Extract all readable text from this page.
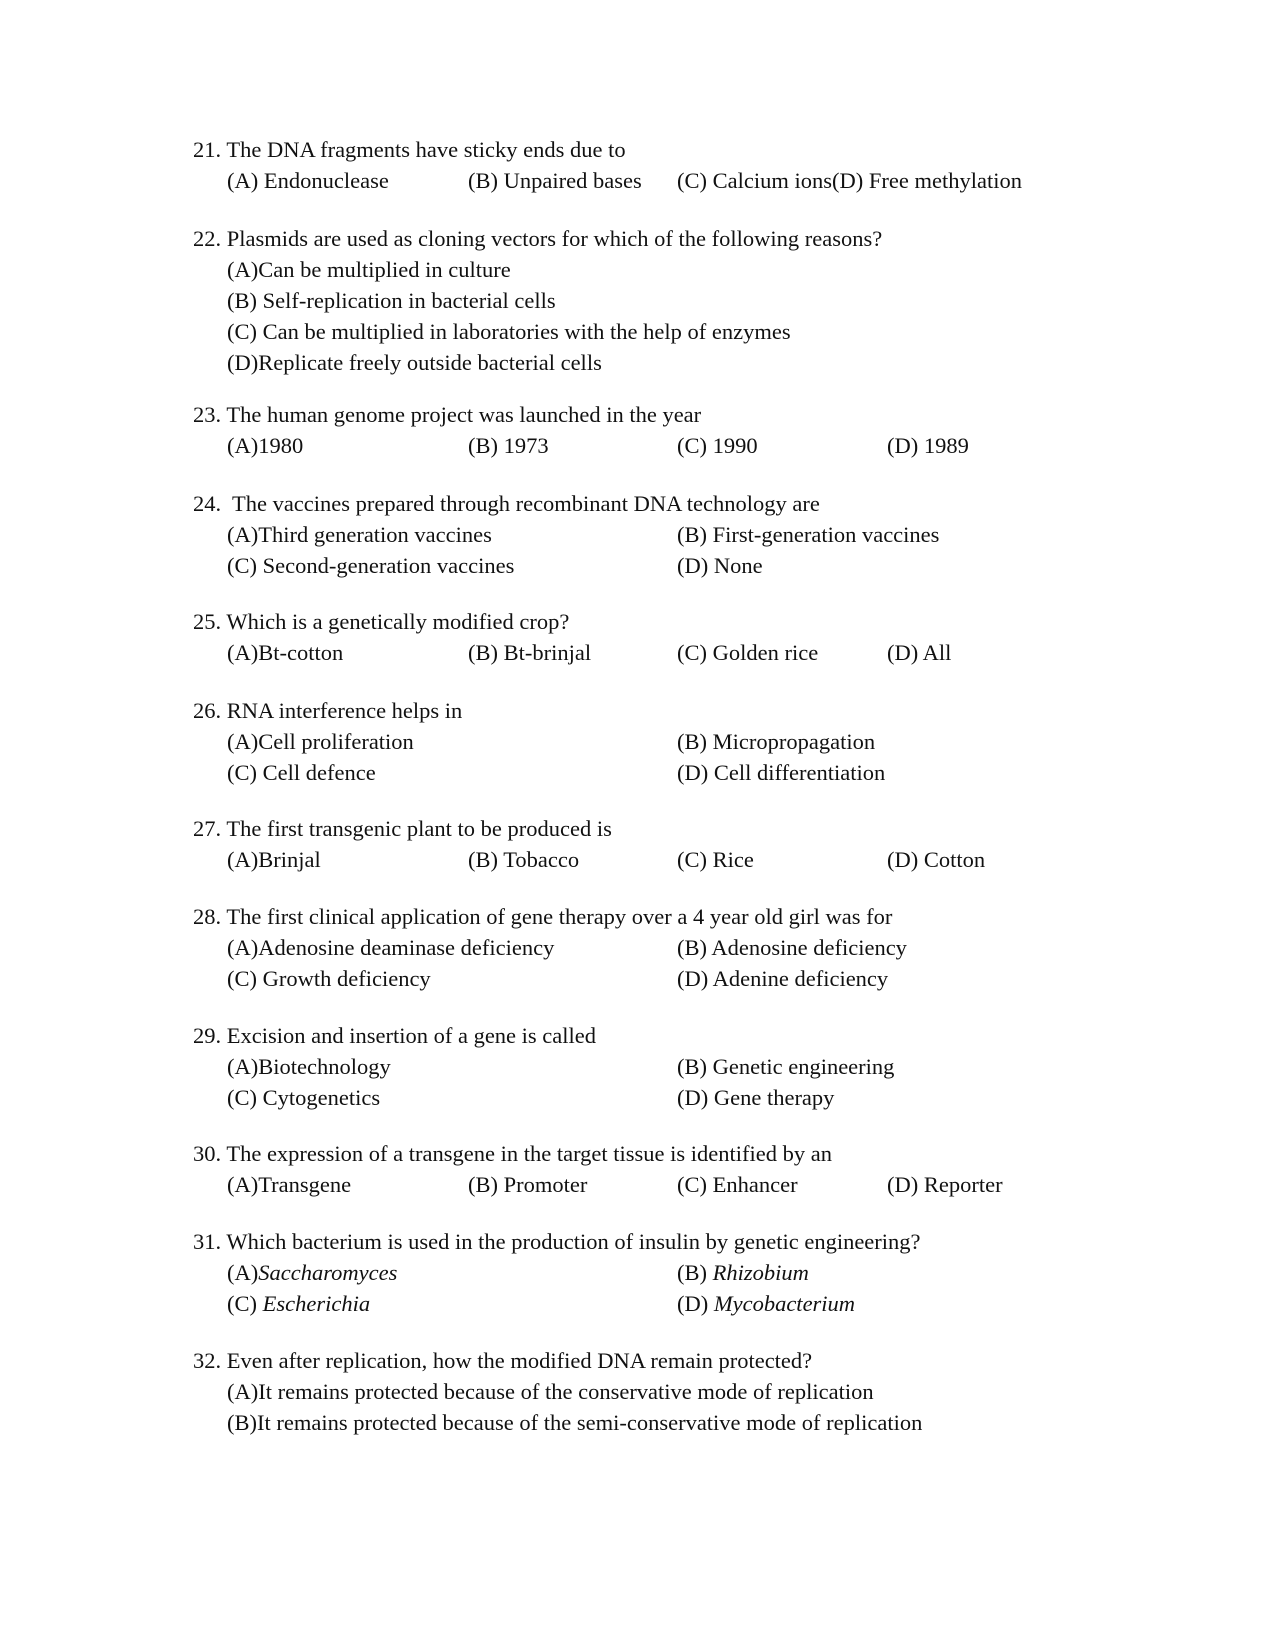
21. The DNA fragments have sticky ends due to
(A) Endonuclease	(B) Unpaired bases (C) Calcium ions(D) Free methylation
22. Plasmids are used as cloning vectors for which of the following reasons?
(A)Can be multiplied in culture
(B) Self-replication in bacterial cells
(C) Can be multiplied in laboratories with the help of enzymes
(D)Replicate freely outside bacterial cells
23. The human genome project was launched in the year
(A)1980	(B) 1973	(C) 1990	(D) 1989
24. The vaccines prepared through recombinant DNA technology are
(A)Third generation vaccines	(B) First-generation vaccines
(C) Second-generation vaccines	(D) None
25. Which is a genetically modified crop?
(A)Bt-cotton	(B) Bt-brinjal	(C) Golden rice	(D) All
26. RNA interference helps in
(A)Cell proliferation	(B) Micropropagation
(C) Cell defence	(D) Cell differentiation
27. The first transgenic plant to be produced is
(A)Brinjal	(B) Tobacco	(C) Rice	(D) Cotton
28. The first clinical application of gene therapy over a 4 year old girl was for
(A)Adenosine deaminase deficiency	(B) Adenosine deficiency
(C) Growth deficiency	(D) Adenine deficiency
29. Excision and insertion of a gene is called
(A)Biotechnology	(B) Genetic engineering
(C) Cytogenetics	(D) Gene therapy
30. The expression of a transgene in the target tissue is identified by an
(A)Transgene	(B) Promoter	(C) Enhancer	(D) Reporter
31. Which bacterium is used in the production of insulin by genetic engineering?
(A)Saccharomyces	(B) Rhizobium
(C) Escherichia	(D) Mycobacterium
32. Even after replication, how the modified DNA remain protected?
(A)It remains protected because of the conservative mode of replication
(B)It remains protected because of the semi-conservative mode of replication
